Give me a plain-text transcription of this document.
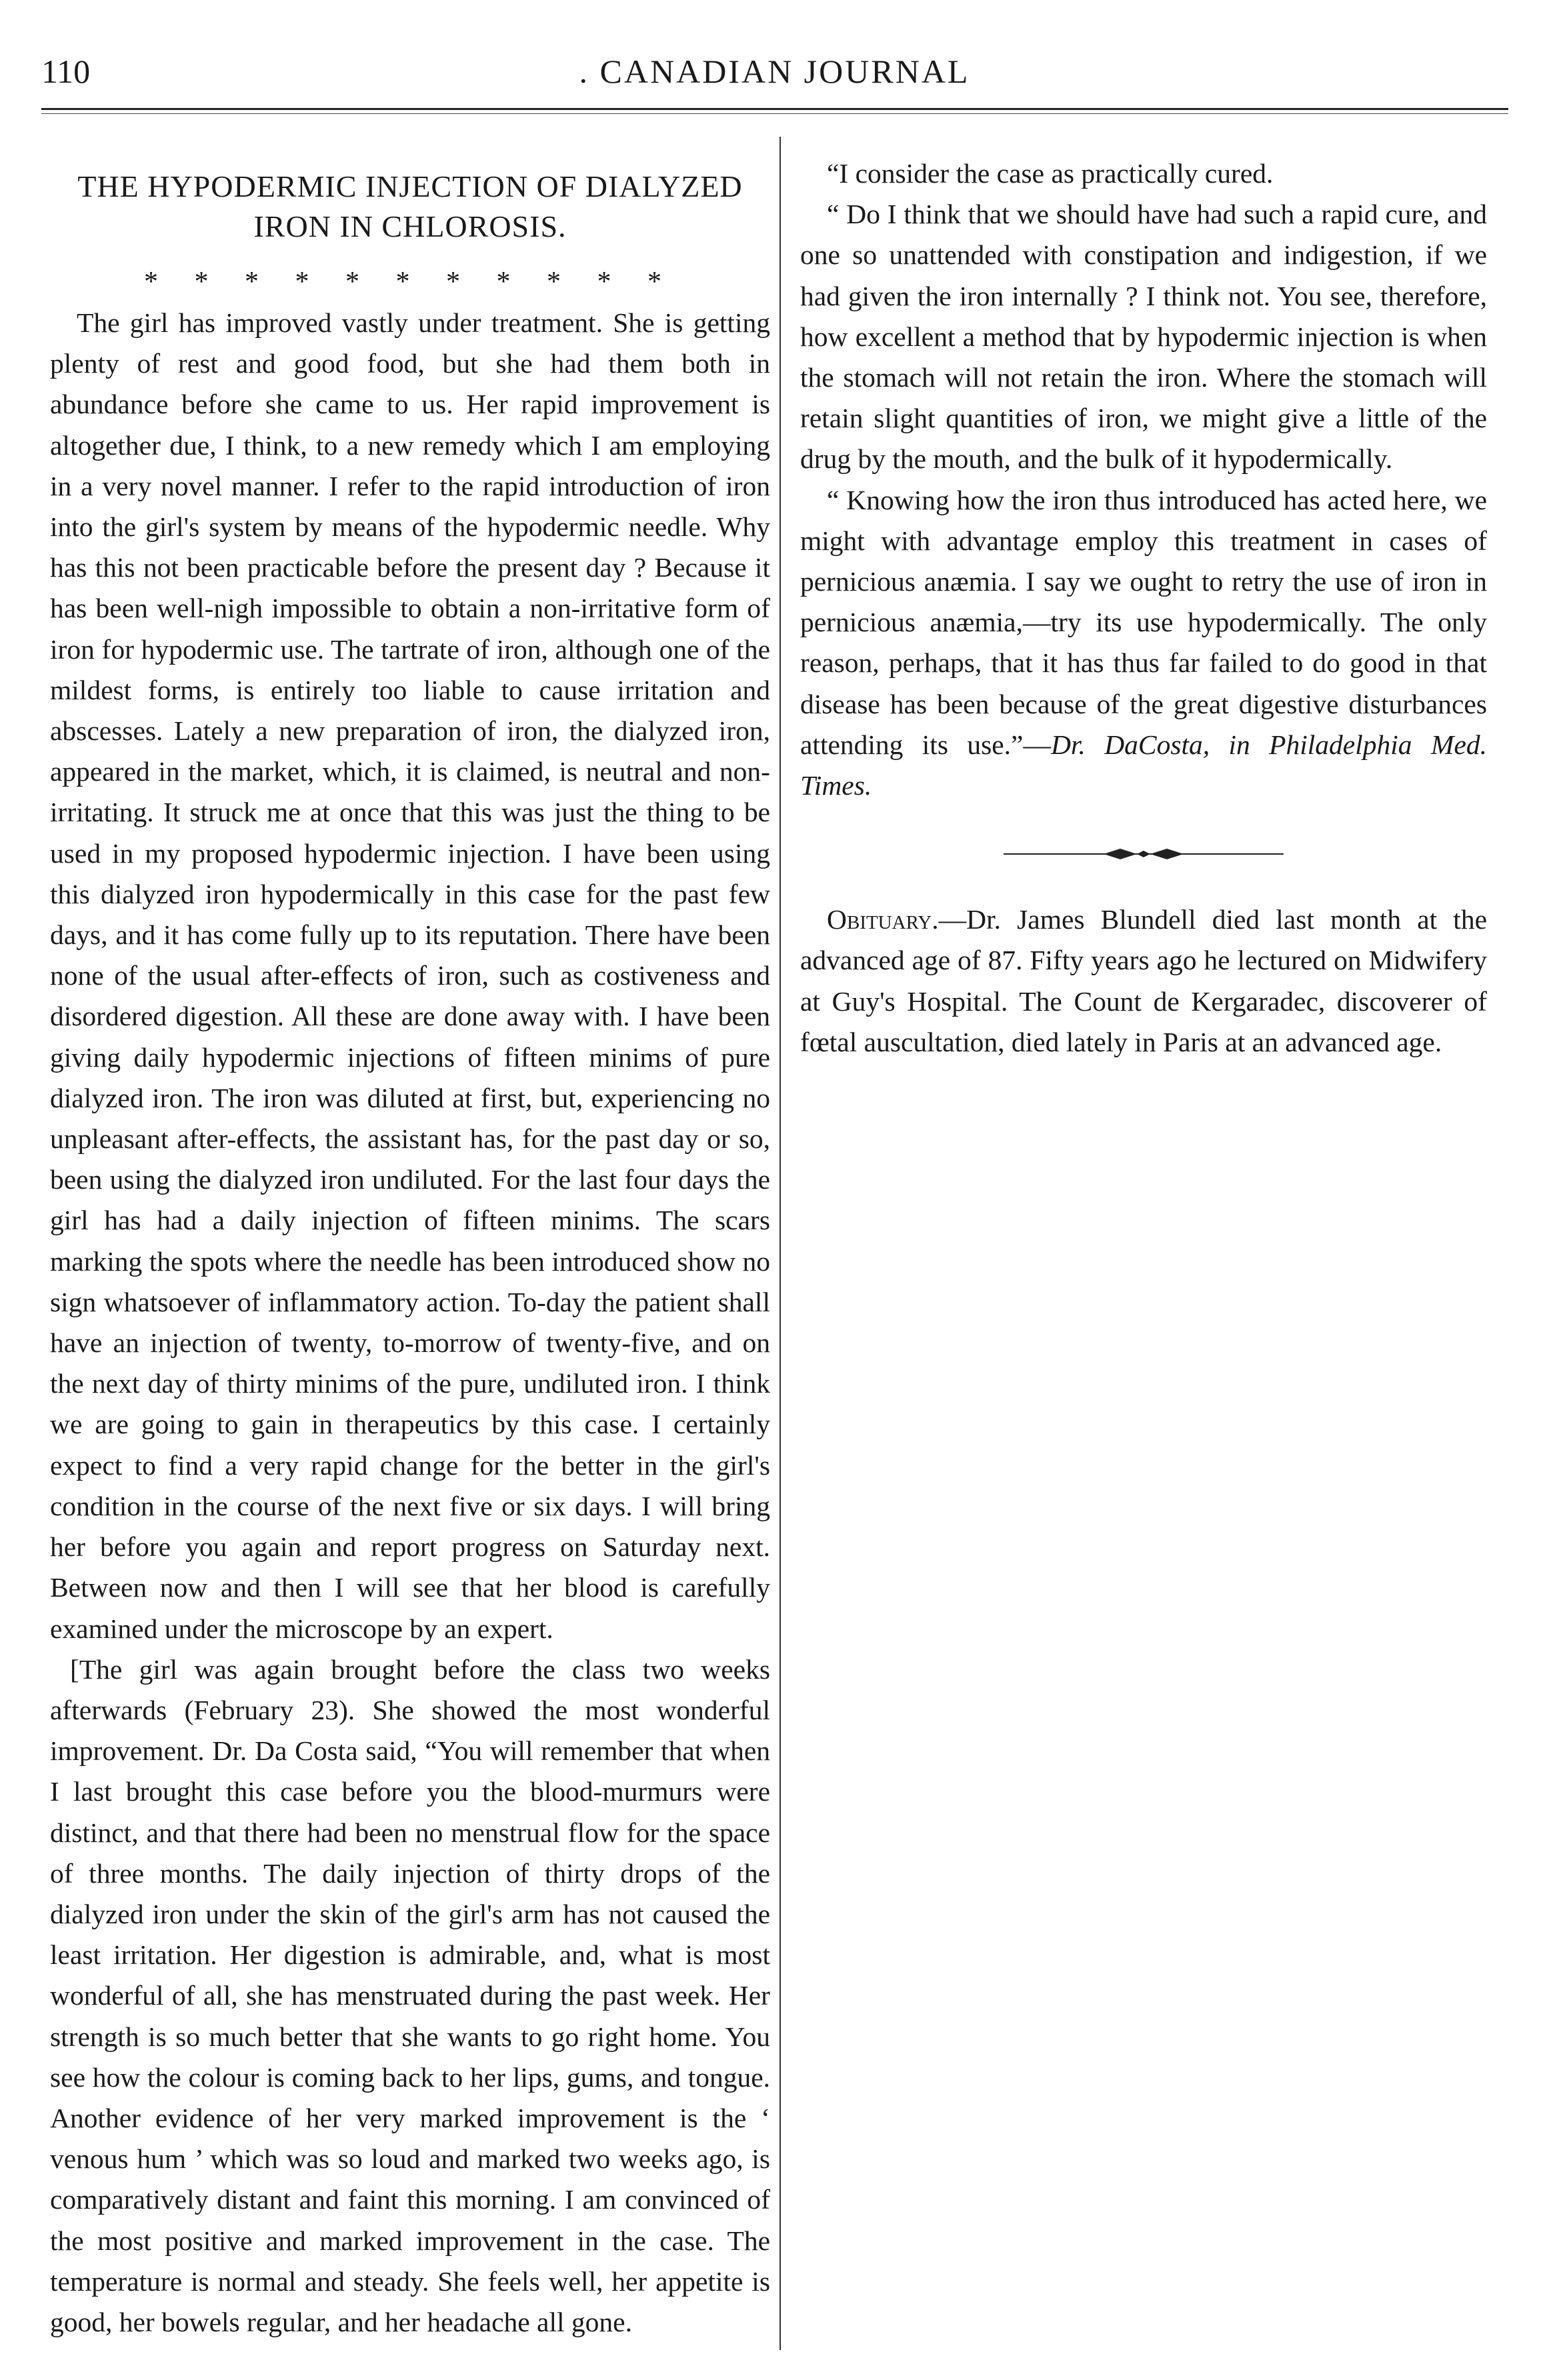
110	. CANADIAN JOURNAL
THE HYPODERMIC INJECTION OF DIALYZED IRON IN CHLOROSIS.
* * * * * * * * * * *

The girl has improved vastly under treatment. She is getting plenty of rest and good food, but she had them both in abundance before she came to us. Her rapid improvement is altogether due, I think, to a new remedy which I am employing in a very novel manner. I refer to the rapid introduction of iron into the girl's system by means of the hypodermic needle. Why has this not been practicable before the present day ? Because it has been well-nigh impossible to obtain a non-irritative form of iron for hypodermic use. The tartrate of iron, although one of the mildest forms, is entirely too liable to cause irritation and abscesses. Lately a new preparation of iron, the dialyzed iron, appeared in the market, which, it is claimed, is neutral and non-irritating. It struck me at once that this was just the thing to be used in my proposed hypodermic injection. I have been using this dialyzed iron hypodermically in this case for the past few days, and it has come fully up to its reputation. There have been none of the usual after-effects of iron, such as costiveness and disordered digestion. All these are done away with. I have been giving daily hypodermic injections of fifteen minims of pure dialyzed iron. The iron was diluted at first, but, experiencing no unpleasant after-effects, the assistant has, for the past day or so, been using the dialyzed iron undiluted. For the last four days the girl has had a daily injection of fifteen minims. The scars marking the spots where the needle has been introduced show no sign whatsoever of inflammatory action. To-day the patient shall have an injection of twenty, to-morrow of twenty-five, and on the next day of thirty minims of the pure, undiluted iron. I think we are going to gain in therapeutics by this case. I certainly expect to find a very rapid change for the better in the girl's condition in the course of the next five or six days. I will bring her before you again and report progress on Saturday next. Between now and then I will see that her blood is carefully examined under the microscope by an expert.

[The girl was again brought before the class two weeks afterwards (February 23). She showed the most wonderful improvement. Dr. Da Costa said, “You will remember that when I last brought this case before you the blood-murmurs were distinct, and that there had been no menstrual flow for the space of three months. The daily injection of thirty drops of the dialyzed iron under the skin of the girl's arm has not caused the least irritation. Her digestion is admirable, and, what is most wonderful of all, she has menstruated during the past week. Her strength is so much better that she wants to go right home. You see how the colour is coming back to her lips, gums, and tongue. Another evidence of her very marked improvement is the ‘ venous hum ’ which was so loud and marked two weeks ago, is comparatively distant and faint this morning. I am convinced of the most positive and marked improvement in the case. The temperature is normal and steady. She feels well, her appetite is good, her bowels regular, and her headache all gone.

“I consider the case as practically cured.

“ Do I think that we should have had such a rapid cure, and one so unattended with constipation and indigestion, if we had given the iron internally ? I think not. You see, therefore, how excellent a method that by hypodermic injection is when the stomach will not retain the iron. Where the stomach will retain slight quantities of iron, we might give a little of the drug by the mouth, and the bulk of it hypodermically.

“ Knowing how the iron thus introduced has acted here, we might with advantage employ this treatment in cases of pernicious anæmia. I say we ought to retry the use of iron in pernicious anæmia,—try its use hypodermically. The only reason, perhaps, that it has thus far failed to do good in that disease has been because of the great digestive disturbances attending its use.”—Dr. DaCosta, in Philadelphia Med. Times.

Obituary.—Dr. James Blundell died last month at the advanced age of 87. Fifty years ago he lectured on Midwifery at Guy's Hospital. The Count de Kergaradec, discoverer of fœtal auscultation, died lately in Paris at an advanced age.
